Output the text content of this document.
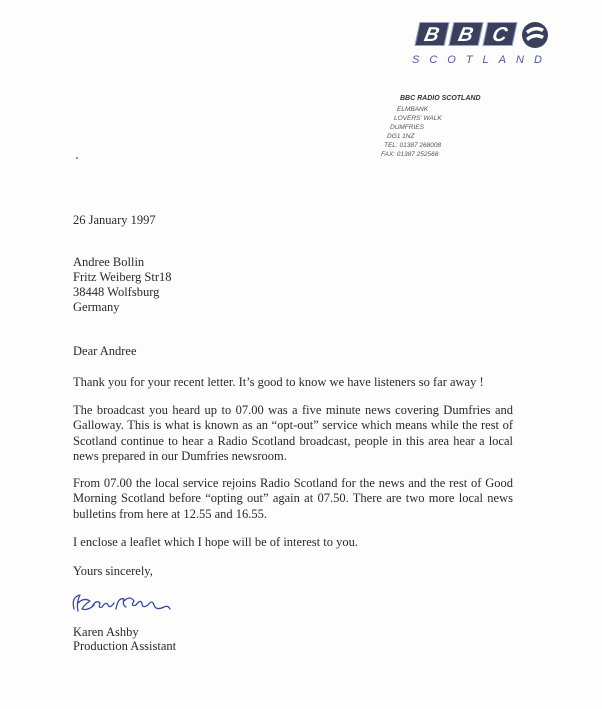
B B C
SCOTLAND
BBC RADIO SCOTLAND
ELMBANK
LOVERS' WALK
DUMFRIES
DG1 1NZ
TEL: 01387 268008
FAX: 01387 252568
26 January 1997
Andree Bollin
Fritz Weiberg Str18
38448 Wolfsburg
Germany
Dear Andree
Thank you for your recent letter. It’s good to know we have listeners so far away !
The broadcast you heard up to 07.00 was a five minute news covering Dumfries and Galloway. This is what is known as an “opt-out” service which means while the rest of Scotland continue to hear a Radio Scotland broadcast, people in this area hear a local news prepared in our Dumfries newsroom.
From 07.00 the local service rejoins Radio Scotland for the news and the rest of Good Morning Scotland before “opting out” again at 07.50. There are two more local news bulletins from here at 12.55 and 16.55.
I enclose a leaflet which I hope will be of interest to you.
Yours sincerely,
Karen Ashby
Production Assistant
